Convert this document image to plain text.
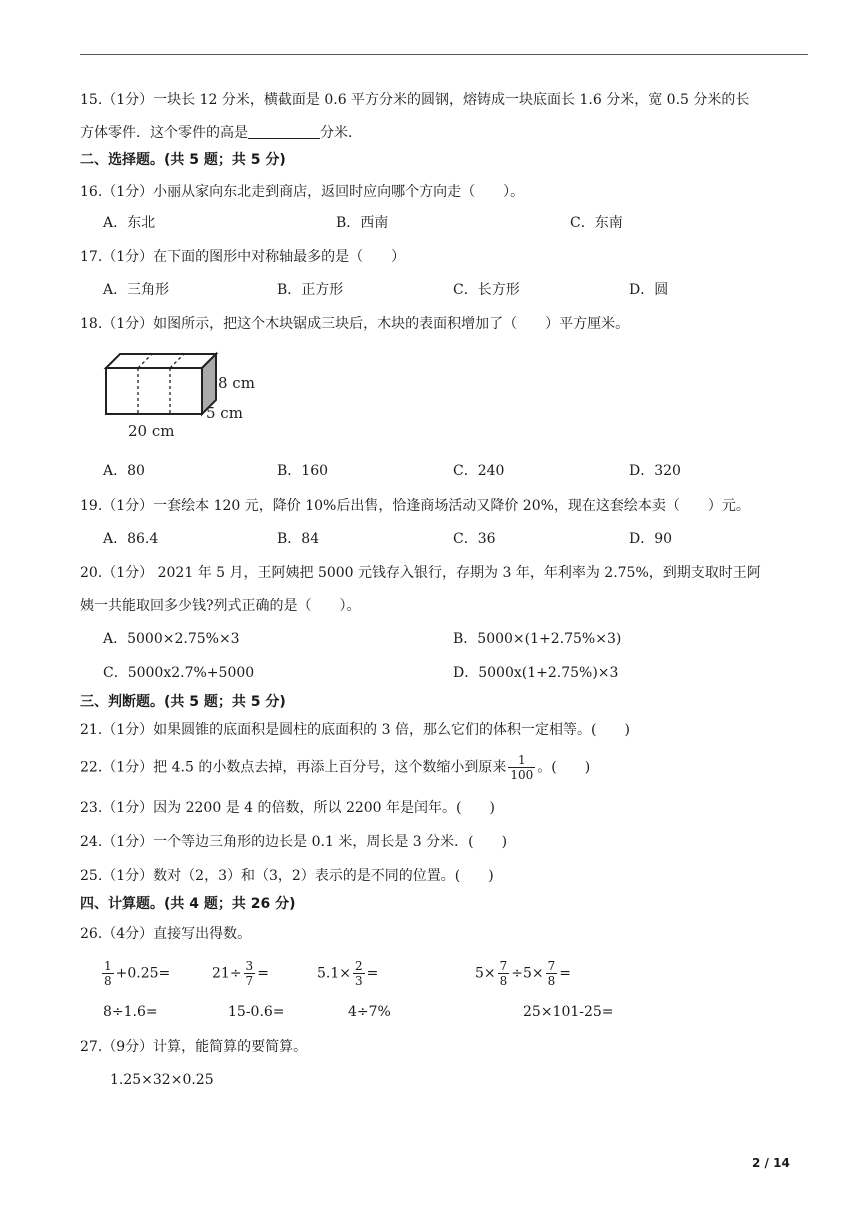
15.（1分）一块长 12 分米，横截面是 0.6 平方分米的圆钢，熔铸成一块底面长 1.6 分米，宽 0.5 分米的长
方体零件．这个零件的高是	分米．
二、选择题。(共 5 题；共 5 分)
16.（1分）小丽从家向东北走到商店，返回时应向哪个方向走（　　）。
A．东北	B．西南	C．东南
17.（1分）在下面的图形中对称轴最多的是（　　）
A．三角形	B．正方形	C．长方形	D．圆
18.（1分）如图所示，把这个木块锯成三块后，木块的表面积增加了（　　）平方厘米。
8 cm
5 cm
20 cm
A．80	B．160	C．240	D．320
19.（1分）一套绘本 120 元，降价 10%后出售，恰逢商场活动又降价 20%，现在这套绘本卖（　　）元。
A．86.4	B．84	C．36	D．90
20.（1分） 2021 年 5 月，王阿姨把 5000 元钱存入银行，存期为 3 年，年利率为 2.75%，到期支取时王阿
姨一共能取回多少钱?列式正确的是（　　）。
A．5000×2.75%×3	B．5000×(1+2.75%×3)
C．5000x2.7%+5000	D．5000x(1+2.75%)×3
三、判断题。(共 5 题；共 5 分)
21.（1分）如果圆锥的底面积是圆柱的底面积的 3 倍，那么它们的体积一定相等。(　　)
22.（1分）把 4.5 的小数点去掉，再添上百分号，这个数缩小到原来 $\frac{1}{100}$ 。(　　)
23.（1分）因为 2200 是 4 的倍数，所以 2200 年是闰年。(　　)
24.（1分）一个等边三角形的边长是 0.1 米，周长是 3 分米．(　　)
25.（1分）数对（2，3）和（3，2）表示的是不同的位置。(　　)
四、计算题。(共 4 题；共 26 分)
26.（4分）直接写出得数。
$\frac{1}{8} +0.25=$	$21\div \frac{3}{7}$ =	$5.1\times \frac{2}{3}$ =	$5\times \frac{7}{8} \div 5\times \frac{7}{8}$ =
8÷1.6=	15-0.6=	4÷7%	25×101-25=
27.（9分）计算，能简算的要简算。
1.25×32×0.25
2 / 14
